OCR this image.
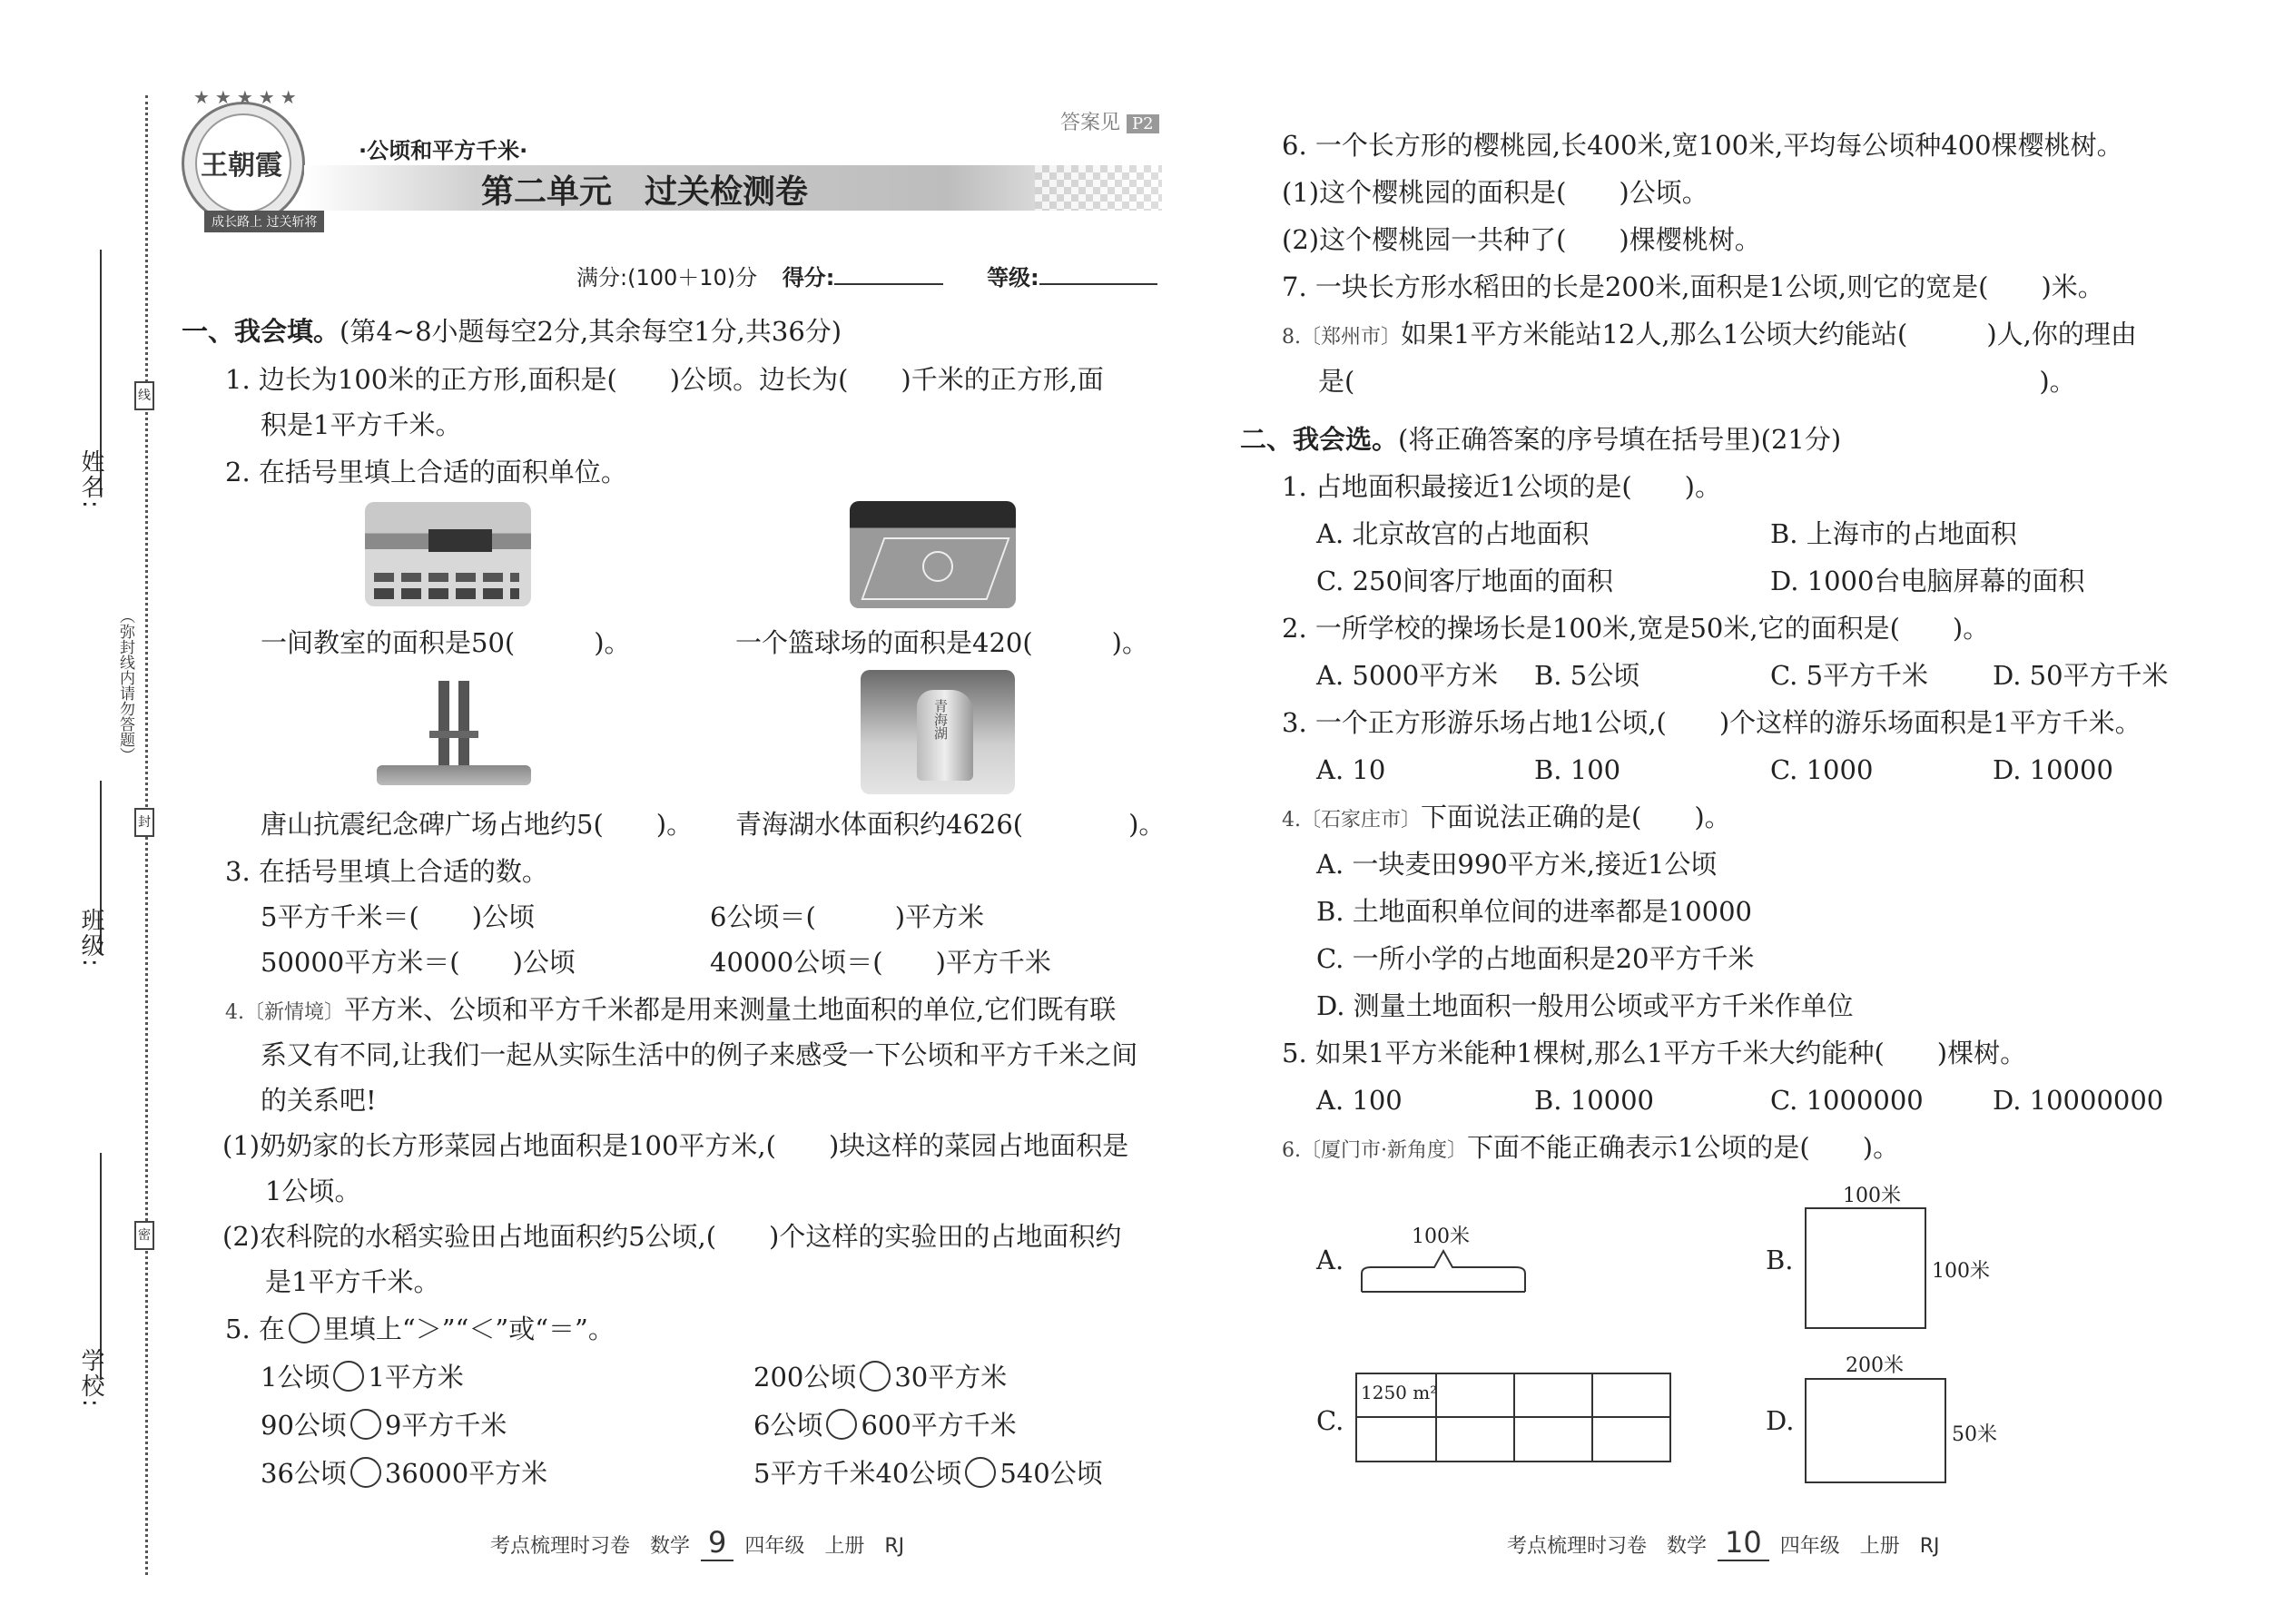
姓名:
班级:
学校:
线
封
密
（弥封线内请勿答题）
王朝霞
★★★★★
成长路上 过关斩将
·公顷和平方千米·
第二单元　过关检测卷
答案见 P2
满分:(100＋10)分 得分:	等级:
一、我会填。(第4~8小题每空2分,其余每空1分,共36分)
1. 边长为100米的正方形,面积是(　　)公顷。边长为(　　)千米的正方形,面
积是1平方千米。
2. 在括号里填上合适的面积单位。
一间教室的面积是50(　　　)。	一个篮球场的面积是420(　　　)。
青海湖
唐山抗震纪念碑广场占地约5(　　)。 青海湖水体面积约4626(　　　　)。
3. 在括号里填上合适的数。
5平方千米＝(　　)公顷	6公顷＝(　　　)平方米
50000平方米＝(　　)公顷	40000公顷＝(　　)平方千米
4.〔新情境〕平方米、公顷和平方千米都是用来测量土地面积的单位,它们既有联
系又有不同,让我们一起从实际生活中的例子来感受一下公顷和平方千米之间
的关系吧!
(1)奶奶家的长方形菜园占地面积是100平方米,(　　)块这样的菜园占地面积是
1公顷。
(2)农科院的水稻实验田占地面积约5公顷,(　　)个这样的实验田的占地面积约
是1平方千米。
5. 在 里填上“＞”“＜”或“＝”。
1公顷 1平方米	200公顷 30平方米
90公顷 9平方千米	6公顷 600平方千米
36公顷 36000平方米	5平方千米40公顷 540公顷
6. 一个长方形的樱桃园,长400米,宽100米,平均每公顷种400棵樱桃树。
(1)这个樱桃园的面积是(　　)公顷。
(2)这个樱桃园一共种了(　　)棵樱桃树。
7. 一块长方形水稻田的长是200米,面积是1公顷,则它的宽是(　　)米。
8.〔郑州市〕如果1平方米能站12人,那么1公顷大约能站(　　　)人,你的理由
是(　　　　　　　　　　　　　　　　　　　　　　　　　　)。
二、我会选。(将正确答案的序号填在括号里)(21分)
1. 占地面积最接近1公顷的是(　　)。
A. 北京故宫的占地面积	B. 上海市的占地面积
C. 250间客厅地面的面积	D. 1000台电脑屏幕的面积
2. 一所学校的操场长是100米,宽是50米,它的面积是(　　)。
A. 5000平方米 B. 5公顷	C. 5平方千米 D. 50平方千米
3. 一个正方形游乐场占地1公顷,(　　)个这样的游乐场面积是1平方千米。
A. 10	B. 100	C. 1000	D. 10000
4.〔石家庄市〕下面说法正确的是(　　)。
A. 一块麦田990平方米,接近1公顷
B. 土地面积单位间的进率都是10000
C. 一所小学的占地面积是20平方千米
D. 测量土地面积一般用公顷或平方千米作单位
5. 如果1平方米能种1棵树,那么1平方千米大约能种(　　)棵树。
A. 100	B. 10000	C. 1000000	D. 10000000
6.〔厦门市·新角度〕下面不能正确表示1公顷的是(　　)。
A.
100米
B.
100米
100米
C.
1250 m²
D.
200米
50米
考点梳理时习卷　数学 9 四年级　上册　RJ	考点梳理时习卷　数学 10 四年级　上册　RJ
